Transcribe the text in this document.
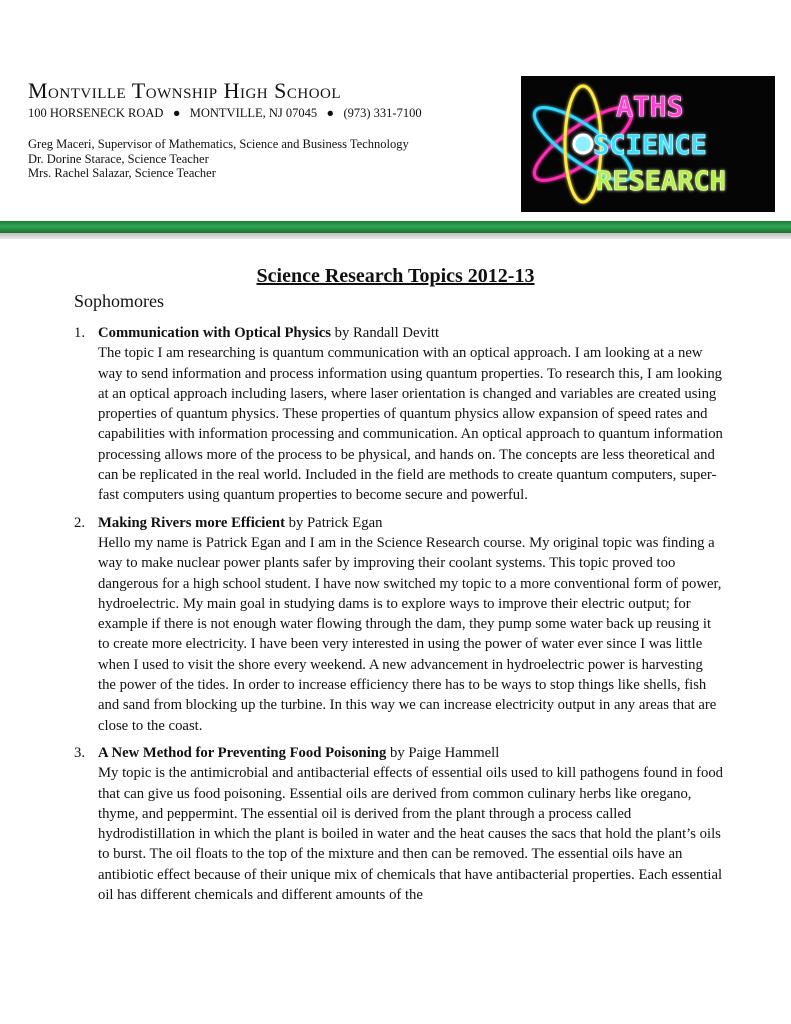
Montville Township High School
100 HORSENECK ROAD ● MONTVILLE, NJ 07045 ● (973) 331-7100
Greg Maceri, Supervisor of Mathematics, Science and Business Technology
Dr. Dorine Starace, Science Teacher
Mrs. Rachel Salazar, Science Teacher
ATHS
SCIENCE
RESEARCH
Science Research Topics 2012-13
Sophomores
1. Communication with Optical Physics by Randall Devitt
The topic I am researching is quantum communication with an optical approach. I am looking at a new way to send information and process information using quantum properties. To research this, I am looking at an optical approach including lasers, where laser orientation is changed and variables are created using properties of quantum physics. These properties of quantum physics allow expansion of speed rates and capabilities with information processing and communication. An optical approach to quantum information processing allows more of the process to be physical, and hands on. The concepts are less theoretical and can be replicated in the real world. Included in the field are methods to create quantum computers, super-fast computers using quantum properties to become secure and powerful.
2. Making Rivers more Efficient by Patrick Egan
Hello my name is Patrick Egan and I am in the Science Research course. My original topic was finding a way to make nuclear power plants safer by improving their coolant systems. This topic proved too dangerous for a high school student. I have now switched my topic to a more conventional form of power, hydroelectric. My main goal in studying dams is to explore ways to improve their electric output; for example if there is not enough water flowing through the dam, they pump some water back up reusing it to create more electricity. I have been very interested in using the power of water ever since I was little when I used to visit the shore every weekend. A new advancement in hydroelectric power is harvesting the power of the tides. In order to increase efficiency there has to be ways to stop things like shells, fish and sand from blocking up the turbine. In this way we can increase electricity output in any areas that are close to the coast.
3. A New Method for Preventing Food Poisoning by Paige Hammell
My topic is the antimicrobial and antibacterial effects of essential oils used to kill pathogens found in food that can give us food poisoning. Essential oils are derived from common culinary herbs like oregano, thyme, and peppermint. The essential oil is derived from the plant through a process called hydrodistillation in which the plant is boiled in water and the heat causes the sacs that hold the plant’s oils to burst. The oil floats to the top of the mixture and then can be removed. The essential oils have an antibiotic effect because of their unique mix of chemicals that have antibacterial properties. Each essential oil has different chemicals and different amounts of the
